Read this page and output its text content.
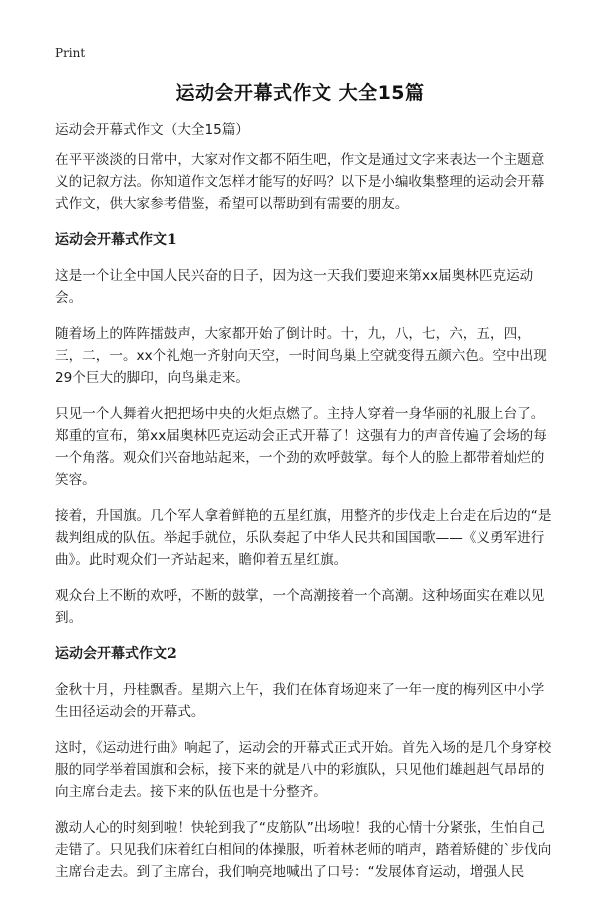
Print
运动会开幕式作文 大全15篇

运动会开幕式作文（大全15篇）

在平平淡淡的日常中，大家对作文都不陌生吧，作文是通过文字来表达一个主题意义的记叙方法。你知道作文怎样才能写的好吗？以下是小编收集整理的运动会开幕式作文，供大家参考借鉴，希望可以帮助到有需要的朋友。

运动会开幕式作文1

这是一个让全中国人民兴奋的日子，因为这一天我们要迎来第xx届奥林匹克运动会。

随着场上的阵阵擂鼓声，大家都开始了倒计时。十，九，八，七，六，五，四，三，二，一。xx个礼炮一齐射向天空，一时间鸟巢上空就变得五颜六色。空中出现29个巨大的脚印，向鸟巢走来。

只见一个人舞着火把把场中央的火炬点燃了。主持人穿着一身华丽的礼服上台了。郑重的宣布，第xx届奥林匹克运动会正式开幕了！这强有力的声音传遍了会场的每一个角落。观众们兴奋地站起来，一个劲的欢呼鼓掌。每个人的脸上都带着灿烂的笑容。

接着，升国旗。几个军人拿着鲜艳的五星红旗，用整齐的步伐走上台走在后边的“是裁判组成的队伍。举起手就位，乐队奏起了中华人民共和国国歌——《义勇军进行曲》。此时观众们一齐站起来，瞻仰着五星红旗。

观众台上不断的欢呼，不断的鼓掌，一个高潮接着一个高潮。这种场面实在难以见到。

运动会开幕式作文2

金秋十月，丹桂飘香。星期六上午，我们在体育场迎来了一年一度的梅列区中小学生田径运动会的开幕式。

这时，《运动进行曲》响起了，运动会的开幕式正式开始。首先入场的是几个身穿校服的同学举着国旗和会标，接下来的就是八中的彩旗队，只见他们雄赳赳气昂昂的向主席台走去。接下来的队伍也是十分整齐。

激动人心的时刻到啦！快轮到我了“皮筋队”出场啦！我的心情十分紧张，生怕自己走错了。只见我们床着红白相间的体操服，听着林老师的哨声，踏着矫健的`步伐向主席台走去。到了主席台，我们响亮地喊出了口号：“发展体育运动，增强人民
